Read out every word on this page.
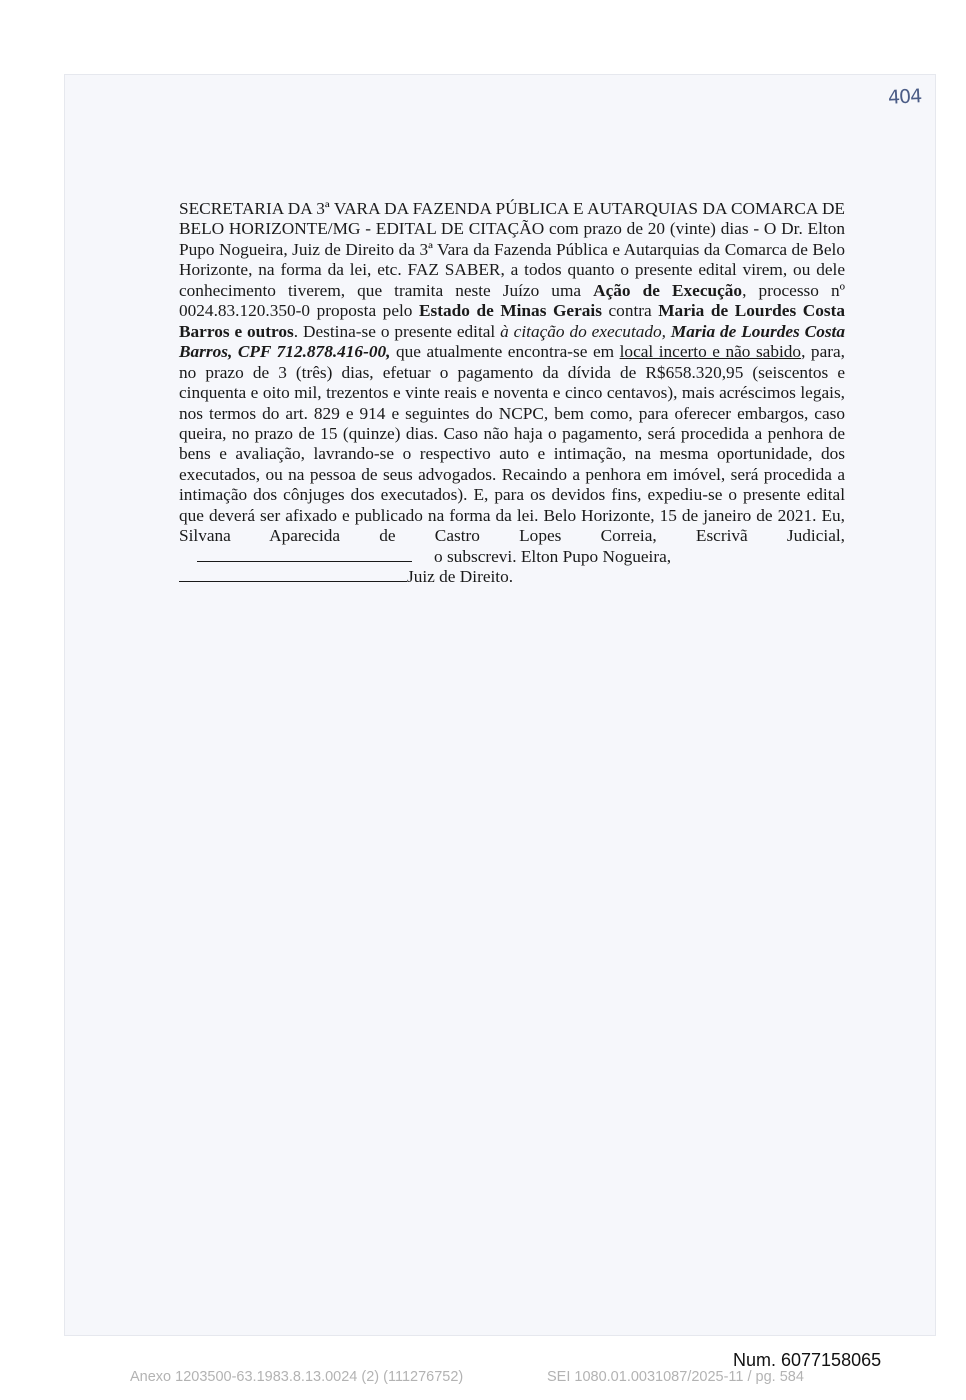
404

SECRETARIA DA 3ª VARA DA FAZENDA PÚBLICA E AUTARQUIAS DA COMARCA DE BELO HORIZONTE/MG - EDITAL DE CITAÇÃO com prazo de 20 (vinte) dias - O Dr. Elton Pupo Nogueira, Juiz de Direito da 3ª Vara da Fazenda Pública e Autarquias da Comarca de Belo Horizonte, na forma da lei, etc. FAZ SABER, a todos quanto o presente edital virem, ou dele conhecimento tiverem, que tramita neste Juízo uma Ação de Execução, processo nº 0024.83.120.350-0 proposta pelo Estado de Minas Gerais contra Maria de Lourdes Costa Barros e outros. Destina-se o presente edital à citação do executado, Maria de Lourdes Costa Barros, CPF 712.878.416-00, que atualmente encontra-se em local incerto e não sabido, para, no prazo de 3 (três) dias, efetuar o pagamento da dívida de R$658.320,95 (seiscentos e cinquenta e oito mil, trezentos e vinte reais e noventa e cinco centavos), mais acréscimos legais, nos termos do art. 829 e 914 e seguintes do NCPC, bem como, para oferecer embargos, caso queira, no prazo de 15 (quinze) dias. Caso não haja o pagamento, será procedida a penhora de bens e avaliação, lavrando-se o respectivo auto e intimação, na mesma oportunidade, dos executados, ou na pessoa de seus advogados. Recaindo a penhora em imóvel, será procedida a intimação dos cônjuges dos executados). E, para os devidos fins, expediu-se o presente edital que deverá ser afixado e publicado na forma da lei. Belo Horizonte, 15 de janeiro de 2021. Eu, Silvana Aparecida de Castro Lopes Correia, Escrivã Judicial,o subscrevi. Elton Pupo Nogueira,
Juiz de Direito.

Num. 6077158065
Anexo 1203500-63.1983.8.13.0024 (2) (111276752)	SEI 1080.01.0031087/2025-11 / pg. 584
